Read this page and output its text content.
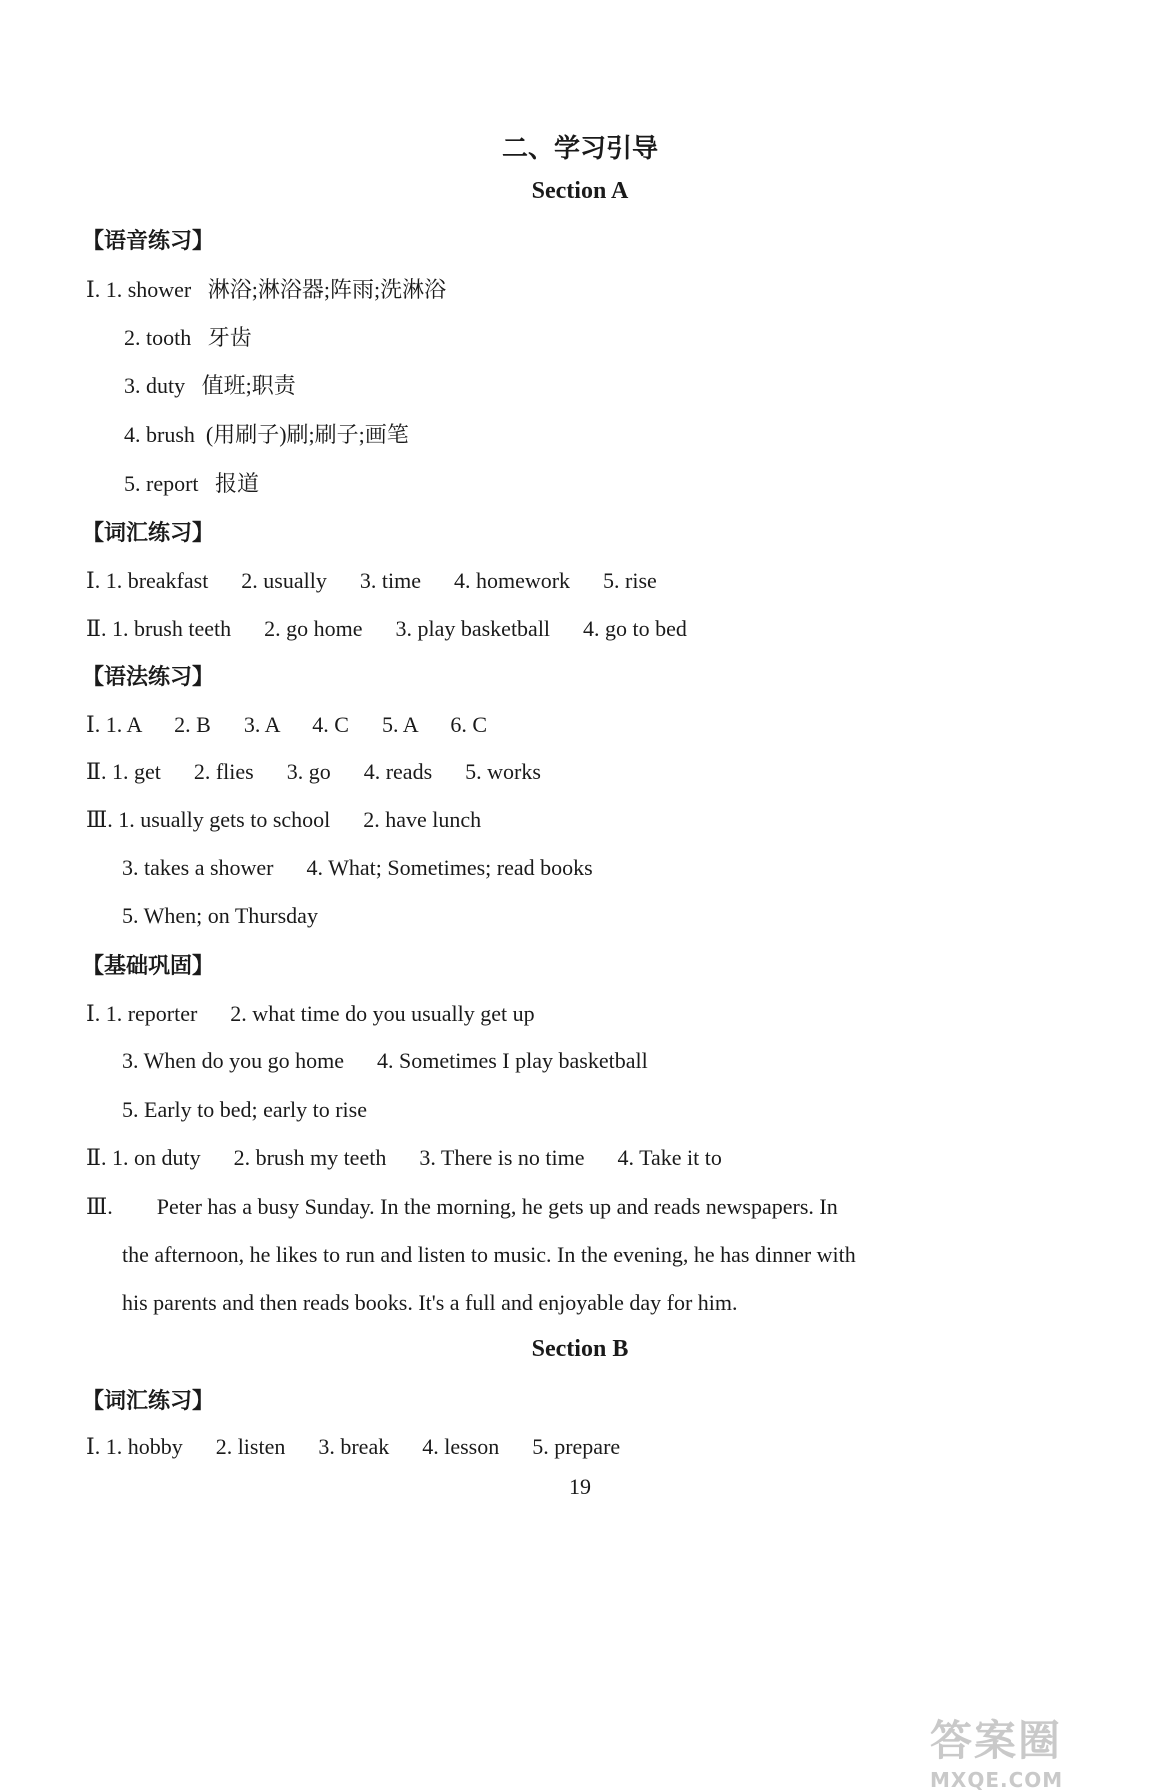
二、学习引导
Section A
【语音练习】
Ⅰ. 1. shower   淋浴;淋浴器;阵雨;洗淋浴
2. tooth   牙齿
3. duty   值班;职责
4. brush  (用刷子)刷;刷子;画笔
5. report   报道
【词汇练习】
Ⅰ. 1. breakfast      2. usually      3. time      4. homework      5. rise
Ⅱ. 1. brush teeth      2. go home      3. play basketball      4. go to bed
【语法练习】
Ⅰ. 1. A      2. B      3. A      4. C      5. A      6. C
Ⅱ. 1. get      2. flies      3. go      4. reads      5. works
Ⅲ. 1. usually gets to school      2. have lunch
3. takes a shower      4. What; Sometimes; read books
5. When; on Thursday
【基础巩固】
Ⅰ. 1. reporter      2. what time do you usually get up
3. When do you go home      4. Sometimes I play basketball
5. Early to bed; early to rise
Ⅱ. 1. on duty      2. brush my teeth      3. There is no time      4. Take it to
Ⅲ.        Peter has a busy Sunday. In the morning, he gets up and reads newspapers. In
the afternoon, he likes to run and listen to music. In the evening, he has dinner with
his parents and then reads books. It's a full and enjoyable day for him.
Section B
【词汇练习】
Ⅰ. 1. hobby      2. listen      3. break      4. lesson      5. prepare
19
答案圈
MXQE.COM
